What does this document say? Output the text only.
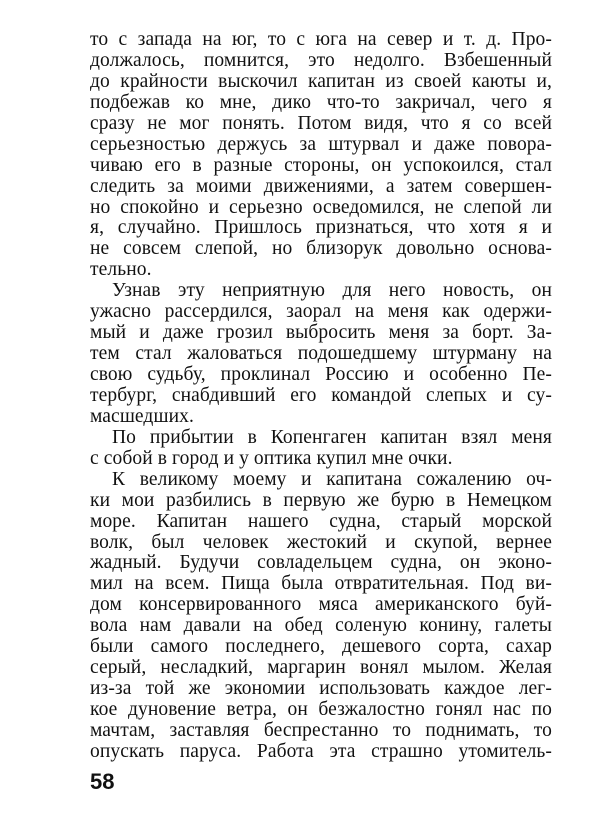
то с запада на юг, то с юга на север и т. д. Про-
должалось, помнится, это недолго. Взбешенный
до крайности выскочил капитан из своей каюты и,
подбежав ко мне, дико что-то закричал, чего я
сразу не мог понять. Потом видя, что я со всей
серьезностью держусь за штурвал и даже повора-
чиваю его в разные стороны, он успокоился, стал
следить за моими движениями, а затем совершен-
но спокойно и серьезно осведомился, не слепой ли
я, случайно. Пришлось признаться, что хотя я и
не совсем слепой, но близорук довольно основа-
тельно.
Узнав эту неприятную для него новость, он
ужасно рассердился, заорал на меня как одержи-
мый и даже грозил выбросить меня за борт. За-
тем стал жаловаться подошедшему штурману на
свою судьбу, проклинал Россию и особенно Пе-
тербург, снабдивший его командой слепых и су-
масшедших.
По прибытии в Копенгаген капитан взял меня
с собой в город и у оптика купил мне очки.
К великому моему и капитана сожалению оч-
ки мои разбились в первую же бурю в Немецком
море. Капитан нашего судна, старый морской
волк, был человек жестокий и скупой, вернее
жадный. Будучи совладельцем судна, он эконо-
мил на всем. Пища была отвратительная. Под ви-
дом консервированного мяса американского буй-
вола нам давали на обед соленую конину, галеты
были самого последнего, дешевого сорта, сахар
серый, несладкий, маргарин вонял мылом. Желая
из-за той же экономии использовать каждое лег-
кое дуновение ветра, он безжалостно гонял нас по
мачтам, заставляя беспрестанно то поднимать, то
опускать паруса. Работа эта страшно утомитель-
58
